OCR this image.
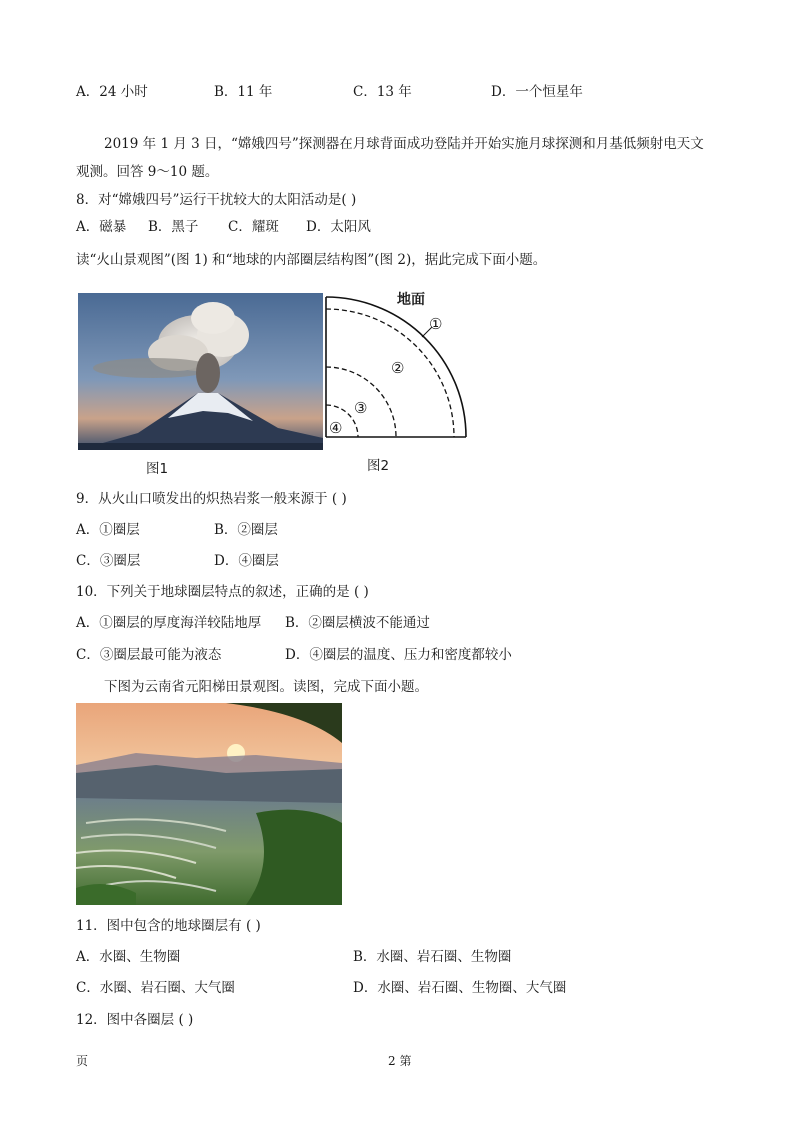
A．24 小时	B．11 年	C．13 年	D．一个恒星年
2019 年 1 月 3 日，“嫦娥四号”探测器在月球背面成功登陆并开始实施月球探测和月基低频射电天文
观测。回答 9～10 题。
8．对“嫦娥四号”运行干扰较大的太阳活动是( )
A．磁暴 B．黑子 C．耀斑 D．太阳风
读“火山景观图”(图 1) 和“地球的内部圈层结构图”(图 2)，据此完成下面小题。
图1
地面
①
②
③
④
图2
9．从火山口喷发出的炽热岩浆一般来源于 ( )
A．①圈层	B．②圈层
C．③圈层	D．④圈层
10．下列关于地球圈层特点的叙述，正确的是 ( )
A．①圈层的厚度海洋较陆地厚 B．②圈层横波不能通过
C．③圈层最可能为液态	D．④圈层的温度、压力和密度都较小
下图为云南省元阳梯田景观图。读图，完成下面小题。
11．图中包含的地球圈层有 ( )
A．水圈、生物圈	B．水圈、岩石圈、生物圈
C．水圈、岩石圈、大气圈	D．水圈、岩石圈、生物圈、大气圈
12．图中各圈层 ( )
页	2 第
